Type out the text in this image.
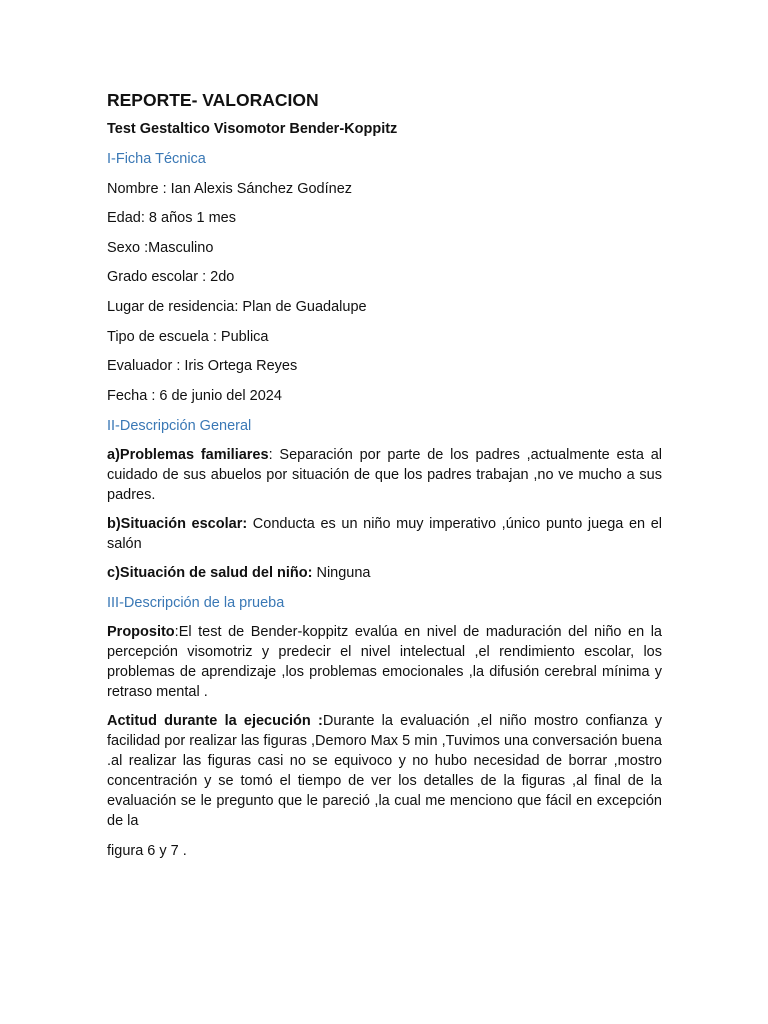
REPORTE- VALORACION
Test Gestaltico Visomotor Bender-Koppitz
I-Ficha Técnica
Nombre : Ian Alexis Sánchez Godínez
Edad: 8 años 1 mes
Sexo :Masculino
Grado escolar : 2do
Lugar de residencia: Plan de Guadalupe
Tipo de escuela : Publica
Evaluador : Iris Ortega Reyes
Fecha : 6 de junio del 2024
II-Descripción General

a)Problemas familiares: Separación por parte de los padres ,actualmente esta al cuidado de sus abuelos por situación de que los padres trabajan ,no ve mucho a sus padres.

b)Situación escolar: Conducta es un niño muy imperativo ,único punto juega en el salón

c)Situación de salud del niño: Ninguna

III-Descripción de la prueba

Proposito:El test de Bender-koppitz evalúa en nivel de maduración del niño en la percepción visomotriz y predecir el nivel intelectual ,el rendimiento escolar, los problemas de aprendizaje ,los problemas emocionales ,la difusión cerebral mínima y retraso mental .

Actitud durante la ejecución :Durante la evaluación ,el niño mostro confianza y facilidad por realizar las figuras ,Demoro Max 5 min ,Tuvimos una conversación buena .al realizar las figuras casi no se equivoco y no hubo necesidad de borrar ,mostro concentración y se tomó el tiempo de ver los detalles de la figuras ,al final de la evaluación se le pregunto que le pareció ,la cual me menciono que fácil en excepción de la

figura 6 y 7 .
